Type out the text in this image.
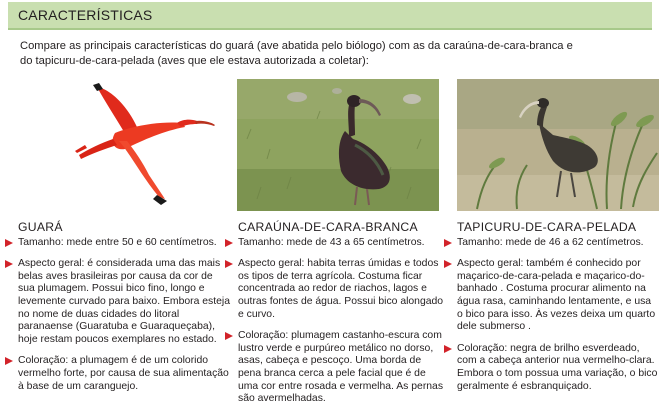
CARACTERÍSTICAS
Compare as principais características do guará (ave abatida pelo biólogo) com as da caraúna-de-cara-branca e do tapicuru-de-cara-pelada (aves que ele estava autorizada a coletar):
GUARÁ
Tamanho: mede entre 50 e 60 centímetros.
Aspecto geral: é considerada uma das mais belas aves brasileiras por causa da cor de sua plumagem. Possui bico fino, longo e levemente curvado para baixo. Embora esteja no nome de duas cidades do litoral paranaense (Guaratuba e Guaraqueçaba), hoje restam poucos exemplares no estado.
Coloração: a plumagem é de um colorido vermelho forte, por causa de sua alimentação à base de um caranguejo.
CARAÚNA-DE-CARA-BRANCA
Tamanho: mede de 43 a 65 centímetros.
Aspecto geral: habita terras úmidas e todos os tipos de terra agrícola. Costuma ficar concentrada ao redor de riachos, lagos e outras fontes de água. Possui bico alongado e curvo.
Coloração: plumagem castanho-escura com lustro verde e purpúreo metálico no dorso, asas, cabeça e pescoço. Uma borda de pena branca cerca a pele facial que é de uma cor entre rosada e vermelha. As pernas são avermelhadas.
TAPICURU-DE-CARA-PELADA
Tamanho: mede de 46 a 62 centímetros.
Aspecto geral: também é conhecido por maçarico-de-cara-pelada e maçarico-do-banhado . Costuma procurar alimento na água rasa, caminhando lentamente, e usa o bico para isso. Às vezes deixa um quarto dele submerso .
Coloração: negra de brilho esverdeado, com a cabeça anterior nua vermelho-clara. Embora o tom possua uma variação, o bico geralmente é esbranquiçado.
